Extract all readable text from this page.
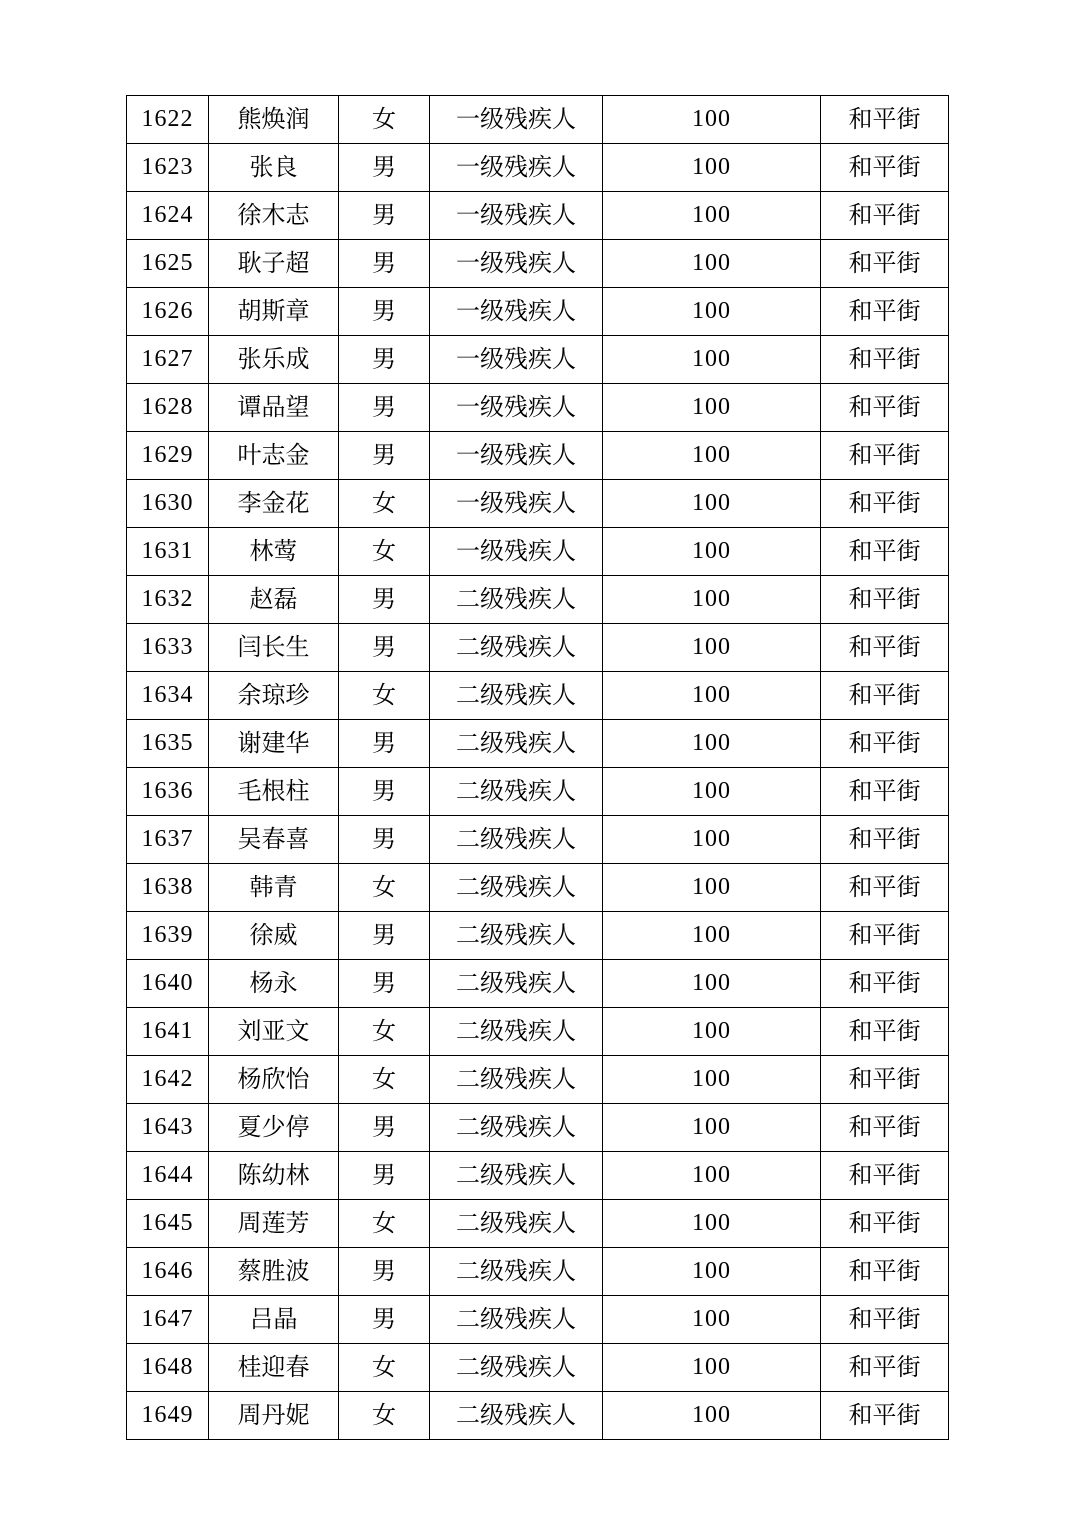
1622	熊焕润	女	一级残疾人	100	和平街
1623	张良	男	一级残疾人	100	和平街
1624	徐木志	男	一级残疾人	100	和平街
1625	耿子超	男	一级残疾人	100	和平街
1626	胡斯章	男	一级残疾人	100	和平街
1627	张乐成	男	一级残疾人	100	和平街
1628	谭品望	男	一级残疾人	100	和平街
1629	叶志金	男	一级残疾人	100	和平街
1630	李金花	女	一级残疾人	100	和平街
1631	林莺	女	一级残疾人	100	和平街
1632	赵磊	男	二级残疾人	100	和平街
1633	闫长生	男	二级残疾人	100	和平街
1634	余琼珍	女	二级残疾人	100	和平街
1635	谢建华	男	二级残疾人	100	和平街
1636	毛根柱	男	二级残疾人	100	和平街
1637	吴春喜	男	二级残疾人	100	和平街
1638	韩青	女	二级残疾人	100	和平街
1639	徐威	男	二级残疾人	100	和平街
1640	杨永	男	二级残疾人	100	和平街
1641	刘亚文	女	二级残疾人	100	和平街
1642	杨欣怡	女	二级残疾人	100	和平街
1643	夏少停	男	二级残疾人	100	和平街
1644	陈幼林	男	二级残疾人	100	和平街
1645	周莲芳	女	二级残疾人	100	和平街
1646	蔡胜波	男	二级残疾人	100	和平街
1647	吕晶	男	二级残疾人	100	和平街
1648	桂迎春	女	二级残疾人	100	和平街
1649	周丹妮	女	二级残疾人	100	和平街
